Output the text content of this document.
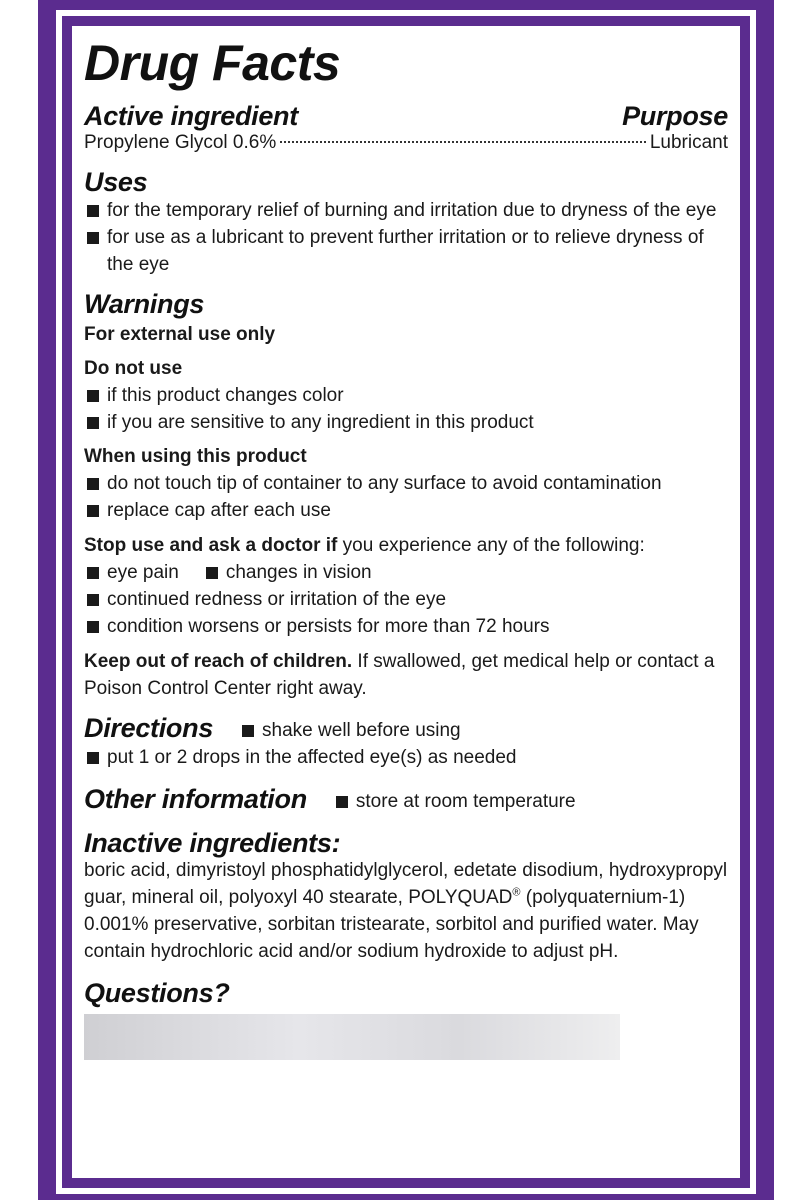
Drug Facts
Active ingredient	Purpose
Propylene Glycol 0.6%	Lubricant
Uses
for the temporary relief of burning and irritation due to dryness of the eye
for use as a lubricant to prevent further irritation or to relieve dryness of the eye
Warnings
For external use only
Do not use
if this product changes color
if you are sensitive to any ingredient in this product
When using this product
do not touch tip of container to any surface to avoid contamination
replace cap after each use
Stop use and ask a doctor if you experience any of the following:
eye pain changes in vision
continued redness or irritation of the eye
condition worsens or persists for more than 72 hours
Keep out of reach of children. If swallowed, get medical help or contact a Poison Control Center right away.
Directions	shake well before using
put 1 or 2 drops in the affected eye(s) as needed
Other information	store at room temperature
Inactive ingredients:
boric acid, dimyristoyl phosphatidylglycerol, edetate disodium, hydroxypropyl guar, mineral oil, polyoxyl 40 stearate, POLYQUAD® (polyquaternium-1) 0.001% preservative, sorbitan tristearate, sorbitol and purified water. May contain hydrochloric acid and/or sodium hydroxide to adjust pH.
Questions?
